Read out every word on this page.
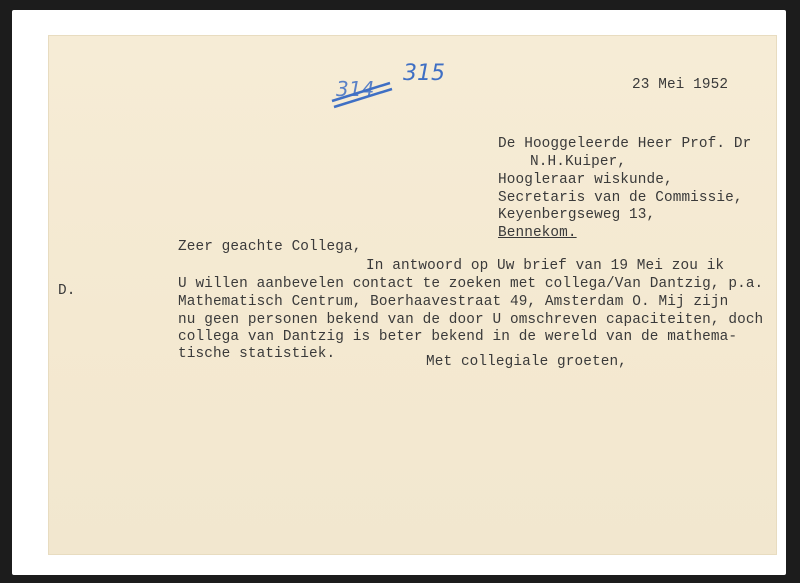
314
315	23 Mei 1952
De Hooggeleerde Heer Prof. Dr
N.H.Kuiper,
Hoogleraar wiskunde,
Secretaris van de Commissie,
Keyenbergseweg 13,
Bennekom.
D.
Zeer geachte Collega,
In antwoord op Uw brief van 19 Mei zou ik
U willen aanbevelen contact te zoeken met collega/Van Dantzig, p.a.
Mathematisch Centrum, Boerhaavestraat 49, Amsterdam O. Mij zijn
nu geen personen bekend van de door U omschreven capaciteiten, doch
collega van Dantzig is beter bekend in de wereld van de mathema-
tische statistiek.	Met collegiale groeten,
